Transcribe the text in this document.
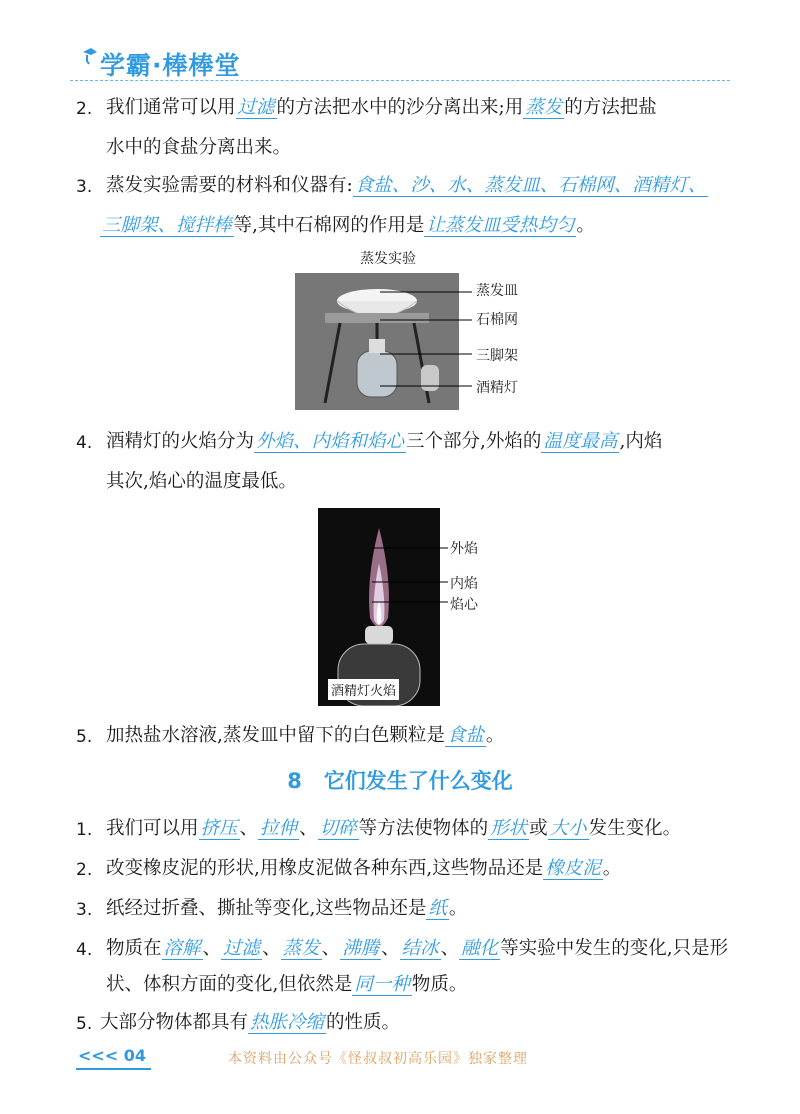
学霸·棒棒堂
2. 我们通常可以用 过滤 的方法把水中的沙分离出来;用 蒸发 的方法把盐
水中的食盐分离出来。
3. 蒸发实验需要的材料和仪器有: 食盐、沙、水、蒸发皿、石棉网、酒精灯、
三脚架、搅拌棒 等,其中石棉网的作用是 让蒸发皿受热均匀 。
蒸发实验
蒸发皿
石棉网
三脚架
酒精灯
4. 酒精灯的火焰分为 外焰、内焰和焰心 三个部分,外焰的 温度最高 ,内焰
其次,焰心的温度最低。
酒精灯火焰
外焰
内焰
焰心
5. 加热盐水溶液,蒸发皿中留下的白色颗粒是 食盐 。
8 它们发生了什么变化
1. 我们可以用 挤压 、 拉伸 、 切碎 等方法使物体的 形状 或 大小 发生变化。
2. 改变橡皮泥的形状,用橡皮泥做各种东西,这些物品还是 橡皮泥 。
3. 纸经过折叠、撕扯等变化,这些物品还是 纸 。
4. 物质在 溶解 、 过滤 、 蒸发 、 沸腾 、 结冰 、 融化 等实验中发生的变化,只是形
状、体积方面的变化,但依然是 同一种 物质。
5. 大部分物体都具有 热胀冷缩 的性质。
<<< 04	本资料由公众号《怪叔叔初高乐园》独家整理
